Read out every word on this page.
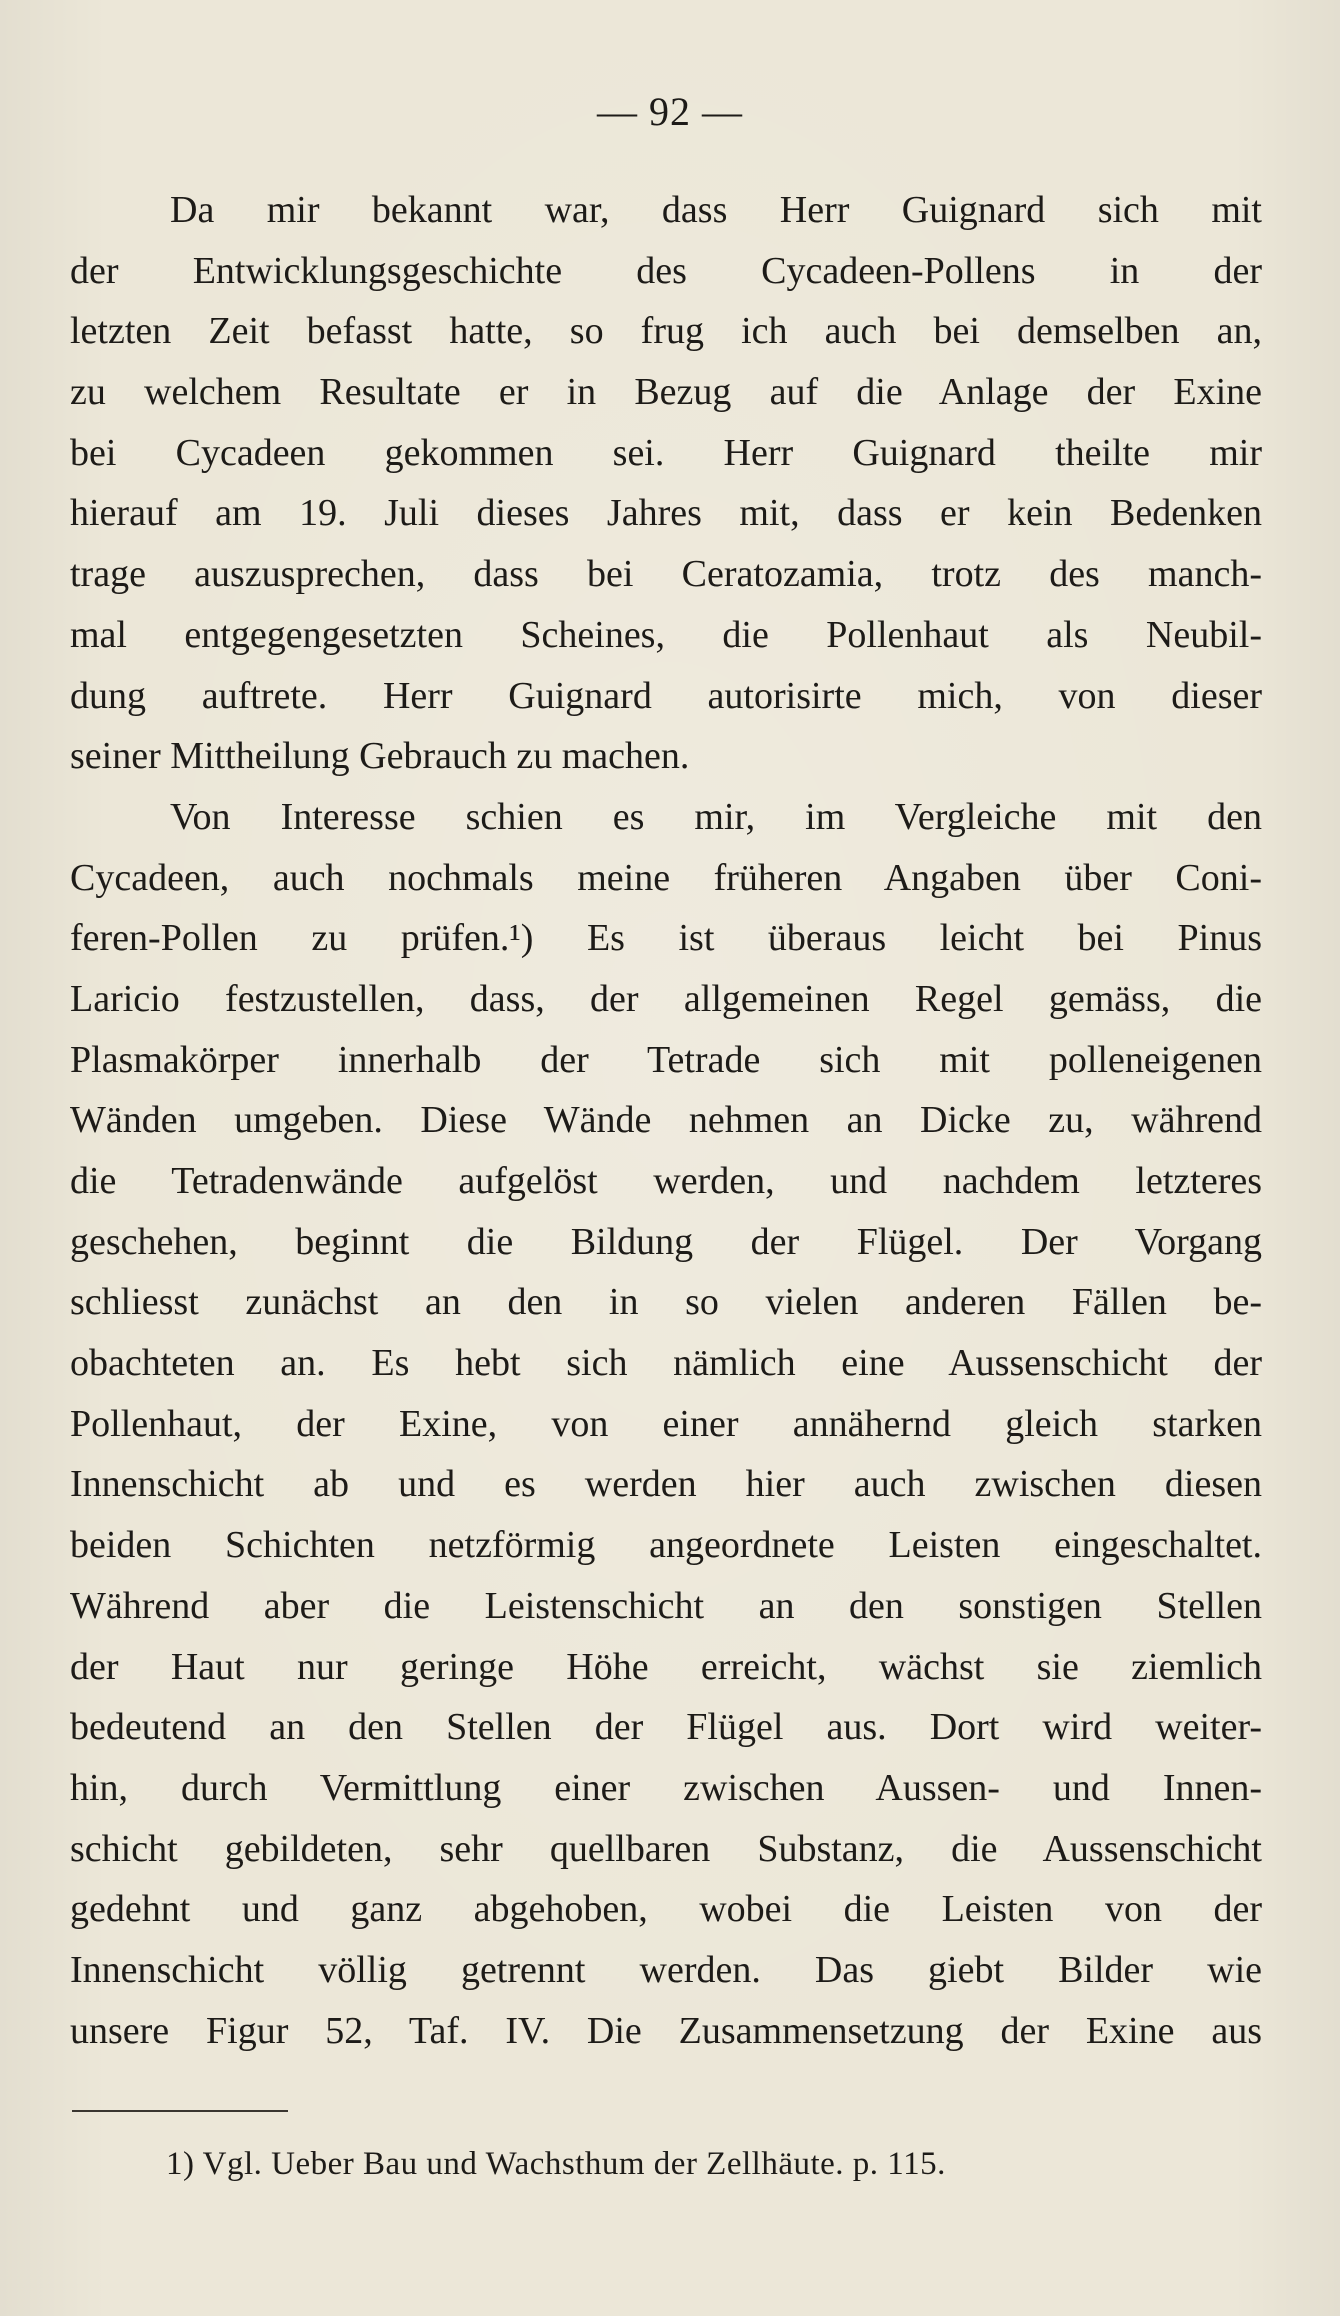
— 92 —
Da mir bekannt war, dass Herr Guignard sich mit
der Entwicklungsgeschichte des Cycadeen-Pollens in der
letzten Zeit befasst hatte, so frug ich auch bei demselben an,
zu welchem Resultate er in Bezug auf die Anlage der Exine
bei Cycadeen gekommen sei. Herr Guignard theilte mir
hierauf am 19. Juli dieses Jahres mit, dass er kein Bedenken
trage auszusprechen, dass bei Ceratozamia, trotz des manch-
mal entgegengesetzten Scheines, die Pollenhaut als Neubil-
dung auftrete. Herr Guignard autorisirte mich, von dieser
seiner Mittheilung Gebrauch zu machen.
Von Interesse schien es mir, im Vergleiche mit den
Cycadeen, auch nochmals meine früheren Angaben über Coni-
feren-Pollen zu prüfen.¹) Es ist überaus leicht bei Pinus
Laricio festzustellen, dass, der allgemeinen Regel gemäss, die
Plasmakörper innerhalb der Tetrade sich mit polleneigenen
Wänden umgeben. Diese Wände nehmen an Dicke zu, während
die Tetradenwände aufgelöst werden, und nachdem letzteres
geschehen, beginnt die Bildung der Flügel. Der Vorgang
schliesst zunächst an den in so vielen anderen Fällen be-
obachteten an. Es hebt sich nämlich eine Aussenschicht der
Pollenhaut, der Exine, von einer annähernd gleich starken
Innenschicht ab und es werden hier auch zwischen diesen
beiden Schichten netzförmig angeordnete Leisten eingeschaltet.
Während aber die Leistenschicht an den sonstigen Stellen
der Haut nur geringe Höhe erreicht, wächst sie ziemlich
bedeutend an den Stellen der Flügel aus. Dort wird weiter-
hin, durch Vermittlung einer zwischen Aussen- und Innen-
schicht gebildeten, sehr quellbaren Substanz, die Aussenschicht
gedehnt und ganz abgehoben, wobei die Leisten von der
Innenschicht völlig getrennt werden. Das giebt Bilder wie
unsere Figur 52, Taf. IV. Die Zusammensetzung der Exine aus
1) Vgl. Ueber Bau und Wachsthum der Zellhäute. p. 115.
